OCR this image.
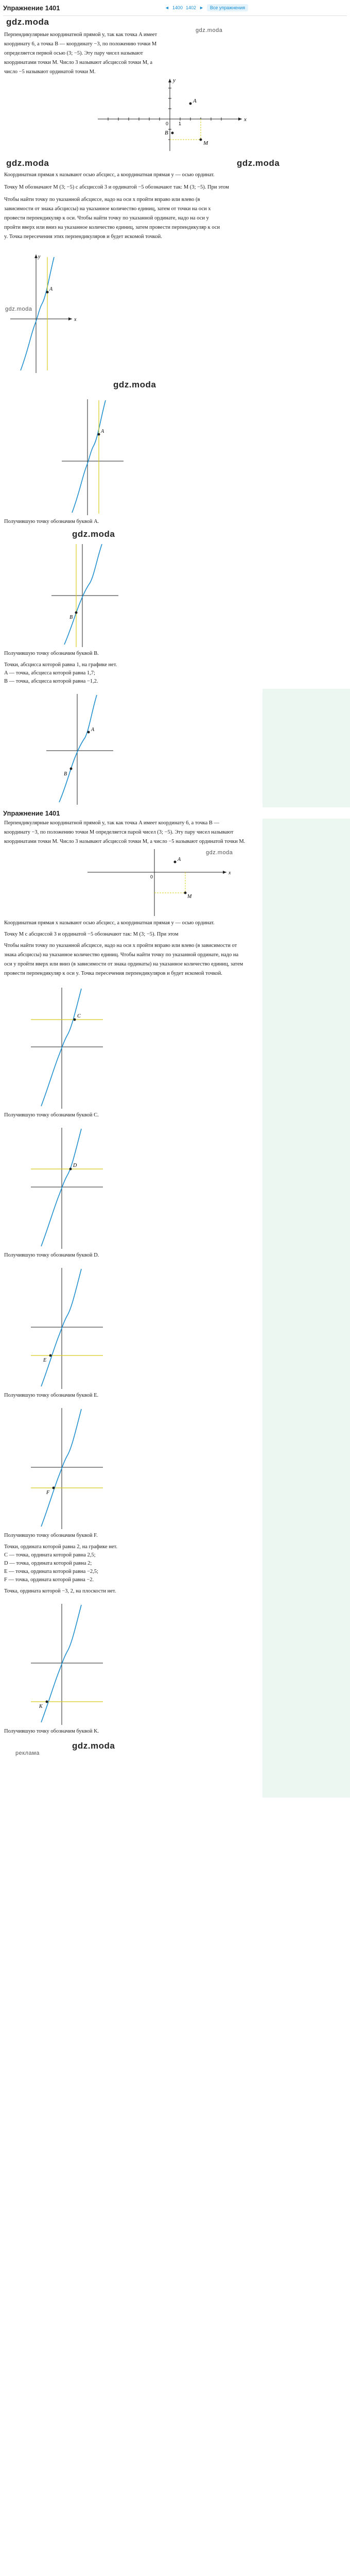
Упражнение 1401	◄ 1400 1402 ►	Все упражнения
gdz.moda
gdz.moda
Перпендикулярные координатной прямой y, так как точка A имеет координату 6, а точка B — координату −3, по положению точки M определяется первой осью (3; −5). Эту пару чисел называют координатами точки M. Число 3 называют абсциссой точки M, а число −5 называют ординатой точки M.
0 1
x
y
A
B
M
gdz.moda	gdz.moda
Координатная прямая x называют осью абсцисс, а координатная прямая y — осью ординат.
Точку M обозначают M (3; −5) с абсциссой 3 и ординатой −5 обозначают так: M (3; −5). При этом
Чтобы найти точку по указанной абсциссе, надо на оси x пройти вправо или влево (в зависимости от знака абсциссы) на указанное количество единиц, затем от точки на оси x провести перпендикуляр к оси. Чтобы найти точку по указанной ординате, надо на оси y пройти вверх или вниз на указанное количество единиц, затем провести перпендикуляр к оси y. Точка пересечения этих перпендикуляров и будет искомой точкой.
A
x
y
gdz.moda
gdz.moda
A
Получившую точку обозначим буквой A.
gdz.moda
B
Получившую точку обозначим буквой B.
Точки, абсцисса которой равна 1, на графике нет.
A — точка, абсцисса которой равна 1,7;
B — точка, абсцисса которой равна −1,2.
A
B
Упражнение 1401
Перпендикулярные координатной прямой y, так как точка A имеет координату 6, а точка B — координату −3, по положению точки M определяется парой чисел (3; −5). Эту пару чисел называют координатами точки M. Число 3 называют абсциссой точки M, а число −5 называют ординатой точки M.
0
A
M
x
gdz.moda
Координатная прямая x называют осью абсцисс, а координатная прямая y — осью ординат.
Точку M с абсциссой 3 и ординатой −5 обозначают так: M (3; −5). При этом
Чтобы найти точку по указанной абсциссе, надо на оси x пройти вправо или влево (в зависимости от знака абсциссы) на указанное количество единиц. Чтобы найти точку по указанной ординате, надо на оси y пройти вверх или вниз (в зависимости от знака ординаты) на указанное количество единиц, затем провести перпендикуляр к оси y. Точка пересечения перпендикуляров и будет искомой точкой.
C
Получившую точку обозначим буквой C.
D
Получившую точку обозначим буквой D.
E
Получившую точку обозначим буквой E.
F
Получившую точку обозначим буквой F.
Точки, ордината которой равна 2, на графике нет.
C — точка, ордината которой равна 2,5;
D — точка, ордината которой равна 2;
E — точка, ордината которой равна −2,5;
F — точка, ордината которой равна −2.
Точка, ордината которой −3, 2, на плоскости нет.
K
Получившую точку обозначим буквой K.
gdz.moda
реклама
